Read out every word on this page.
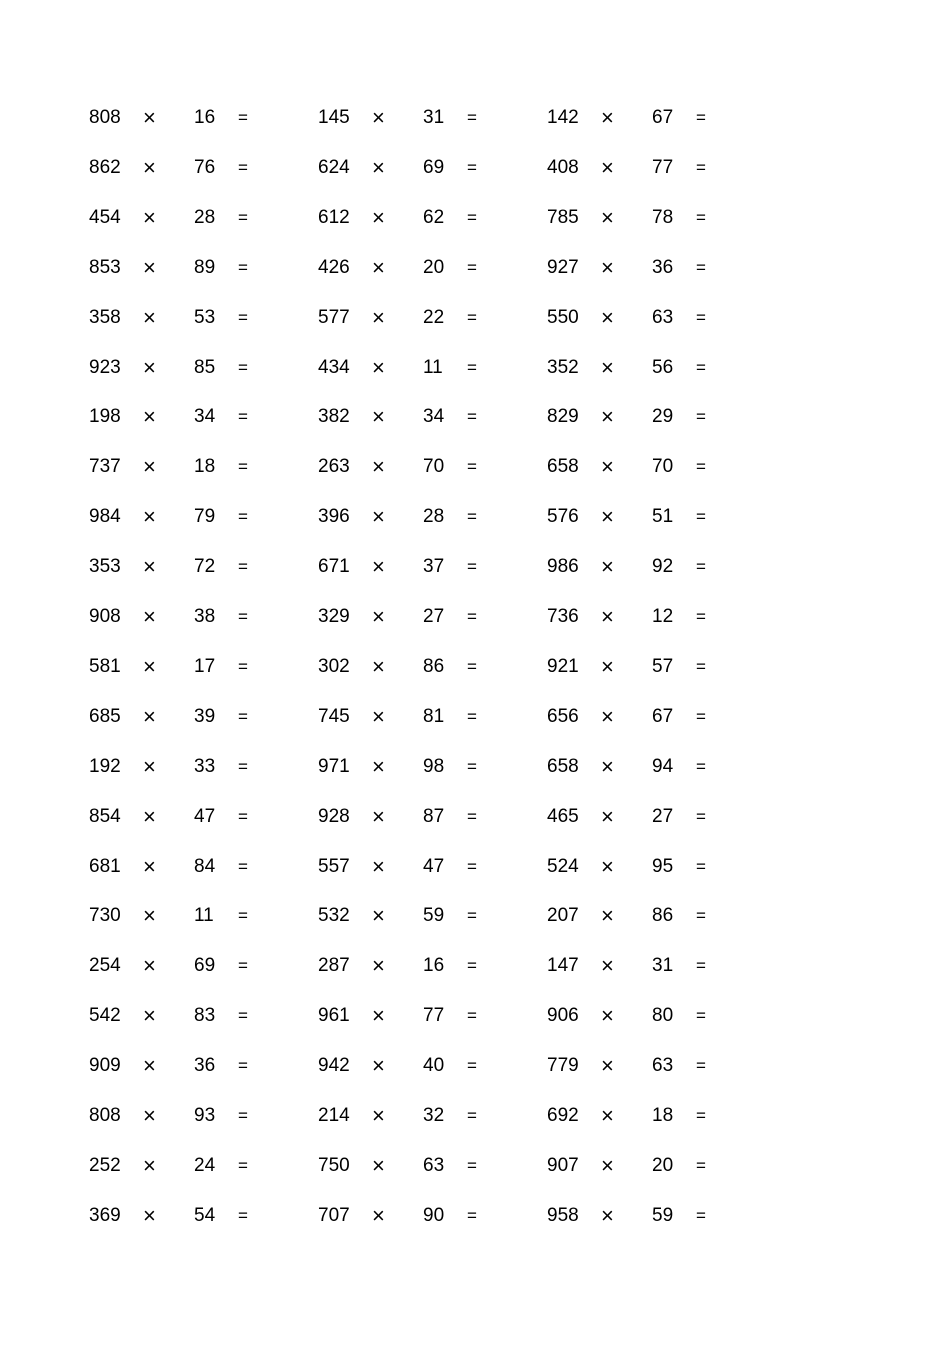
808 × 16 =	145 × 31 =	142 × 67 =
862 × 76 =	624 × 69 =	408 × 77 =
454 × 28 =	612 × 62 =	785 × 78 =
853 × 89 =	426 × 20 =	927 × 36 =
358 × 53 =	577 × 22 =	550 × 63 =
923 × 85 =	434 × 11 =	352 × 56 =
198 × 34 =	382 × 34 =	829 × 29 =
737 × 18 =	263 × 70 =	658 × 70 =
984 × 79 =	396 × 28 =	576 × 51 =
353 × 72 =	671 × 37 =	986 × 92 =
908 × 38 =	329 × 27 =	736 × 12 =
581 × 17 =	302 × 86 =	921 × 57 =
685 × 39 =	745 × 81 =	656 × 67 =
192 × 33 =	971 × 98 =	658 × 94 =
854 × 47 =	928 × 87 =	465 × 27 =
681 × 84 =	557 × 47 =	524 × 95 =
730 × 11 =	532 × 59 =	207 × 86 =
254 × 69 =	287 × 16 =	147 × 31 =
542 × 83 =	961 × 77 =	906 × 80 =
909 × 36 =	942 × 40 =	779 × 63 =
808 × 93 =	214 × 32 =	692 × 18 =
252 × 24 =	750 × 63 =	907 × 20 =
369 × 54 =	707 × 90 =	958 × 59 =
